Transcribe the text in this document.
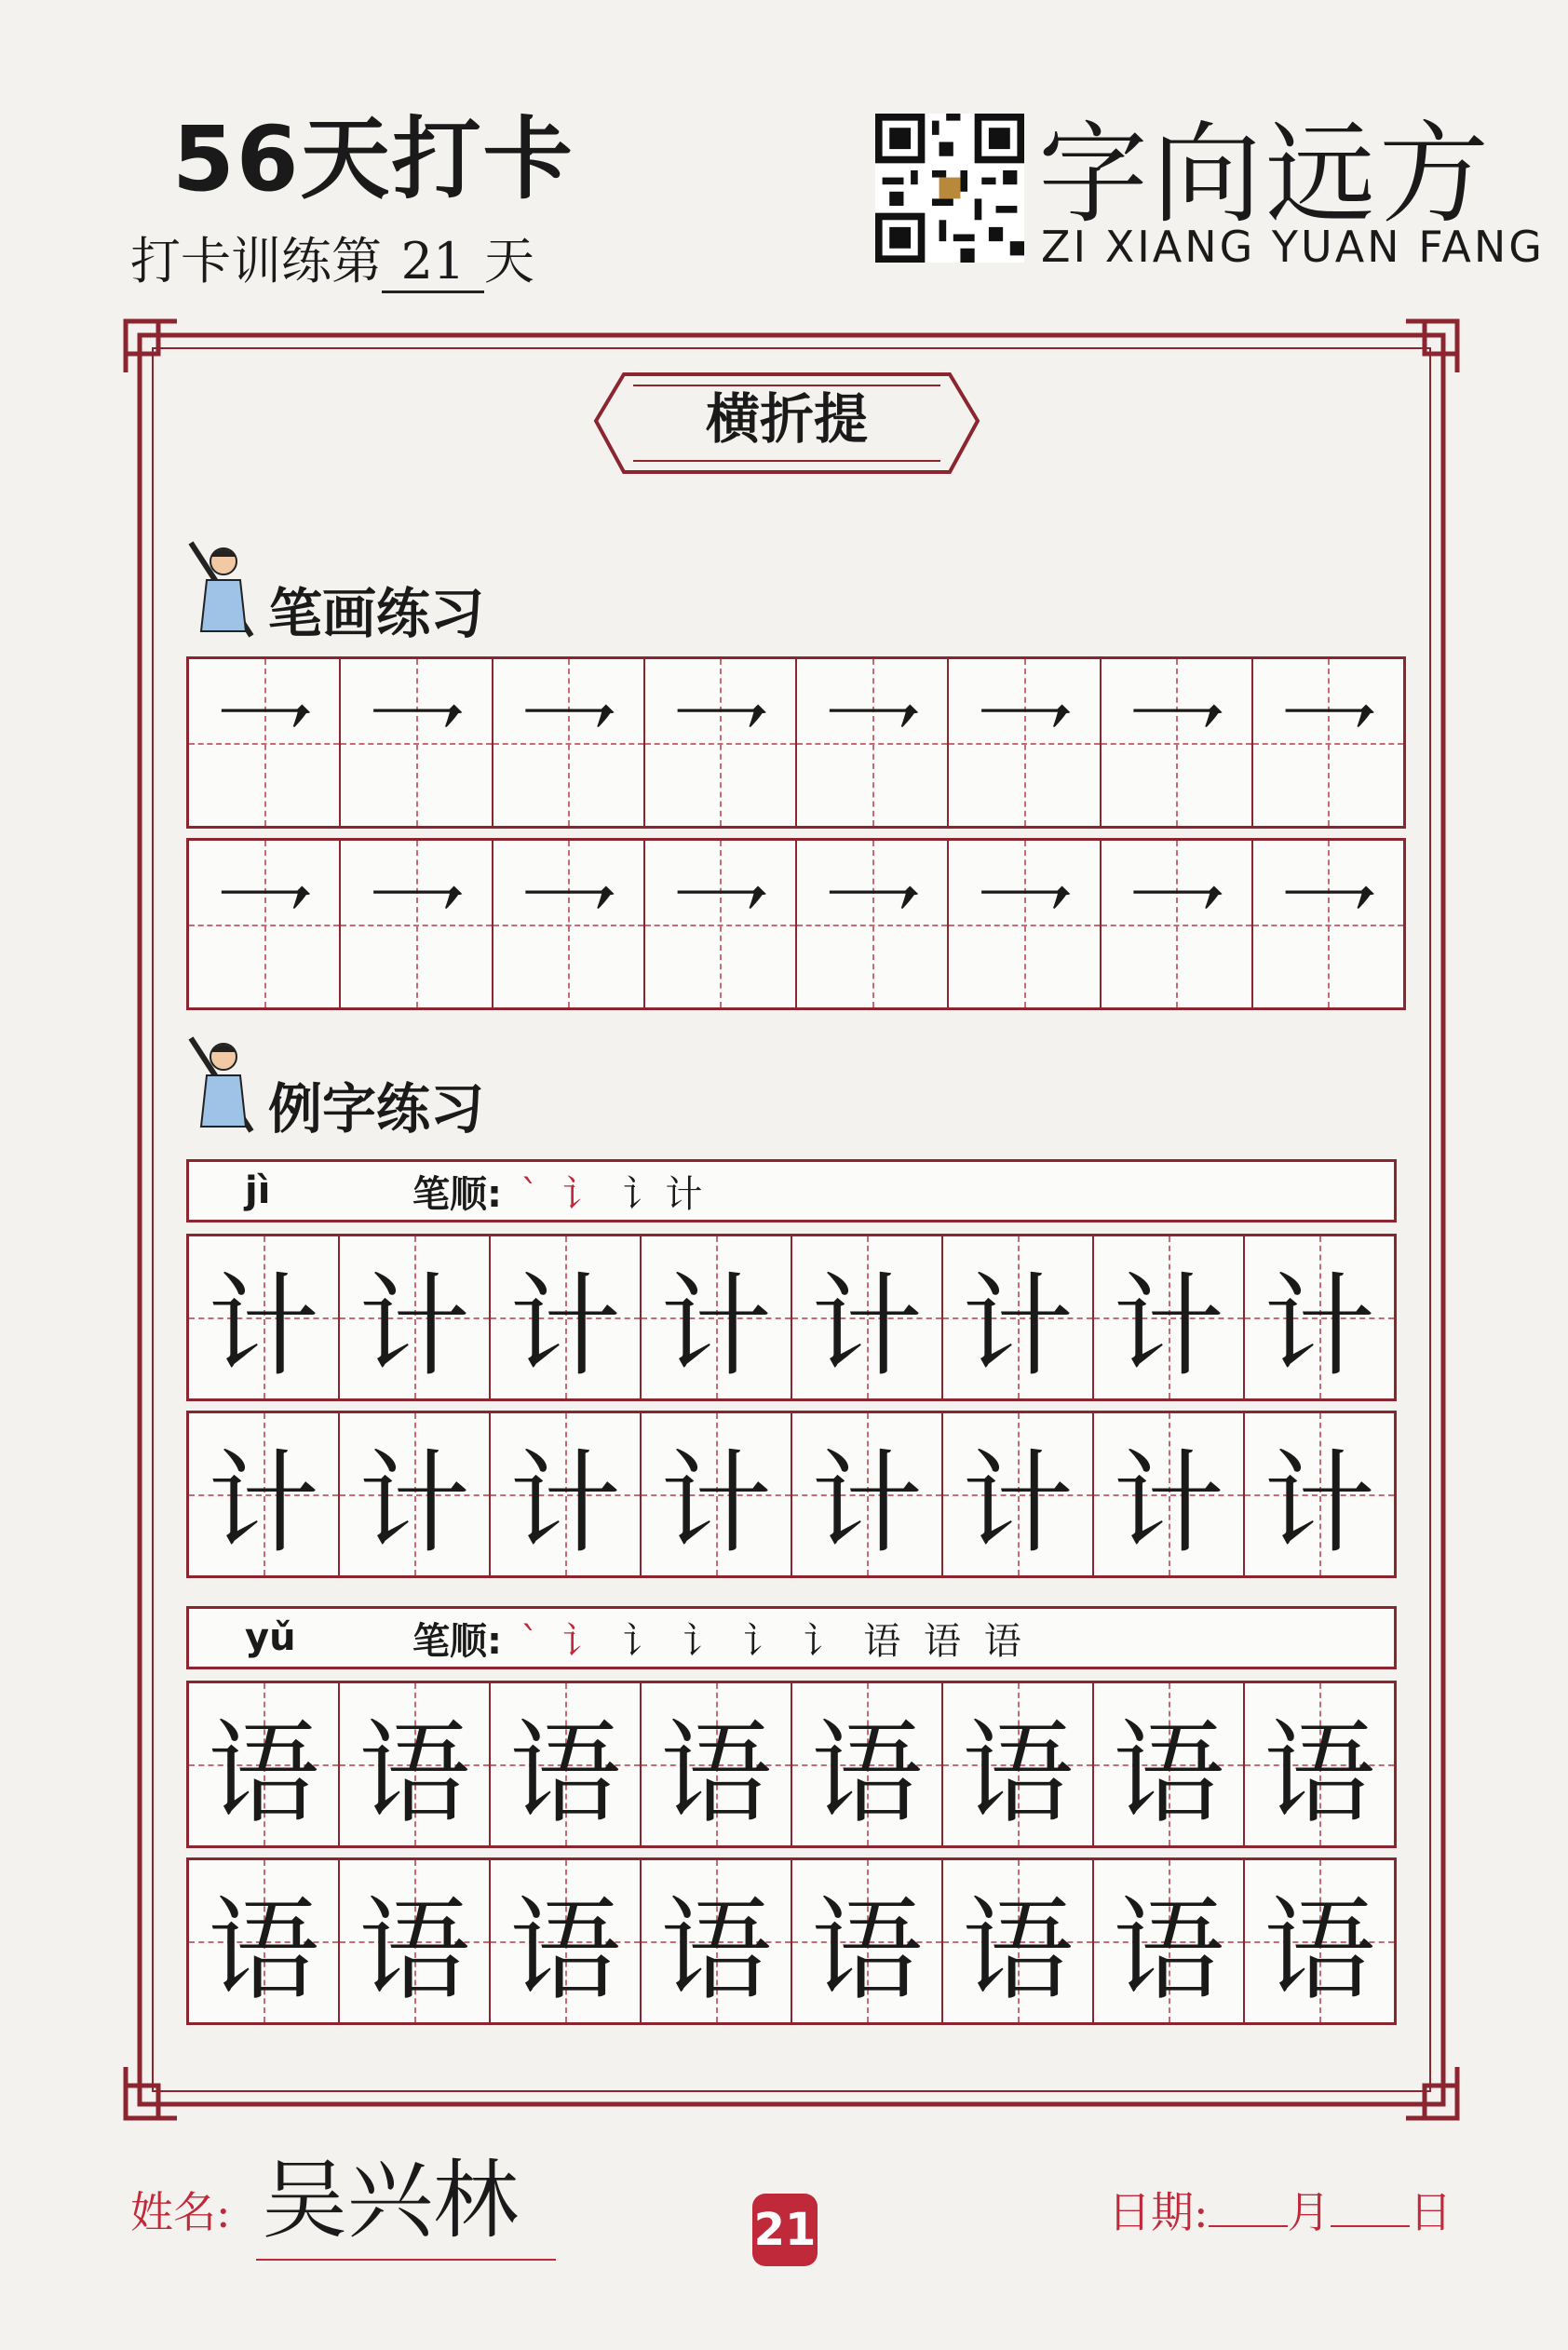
56天打卡
打卡训练第 21 天
字向远方
ZI XIANG YUAN FANG
横折提
笔画练习
乛 乛 乛 乛 乛 乛 乛 乛
乛 乛 乛 乛 乛 乛 乛 乛
例字练习
jì	笔顺: ˋ 讠 讠计
计 计 计 计 计 计 计 计
计 计 计 计 计 计 计 计
yǔ	笔顺: ˋ 讠 讠 讠 讠 讠 语 语 语
语 语 语 语 语 语 语 语
语 语 语 语 语 语 语 语
姓名: 吴兴林	21	日期: 月 日
